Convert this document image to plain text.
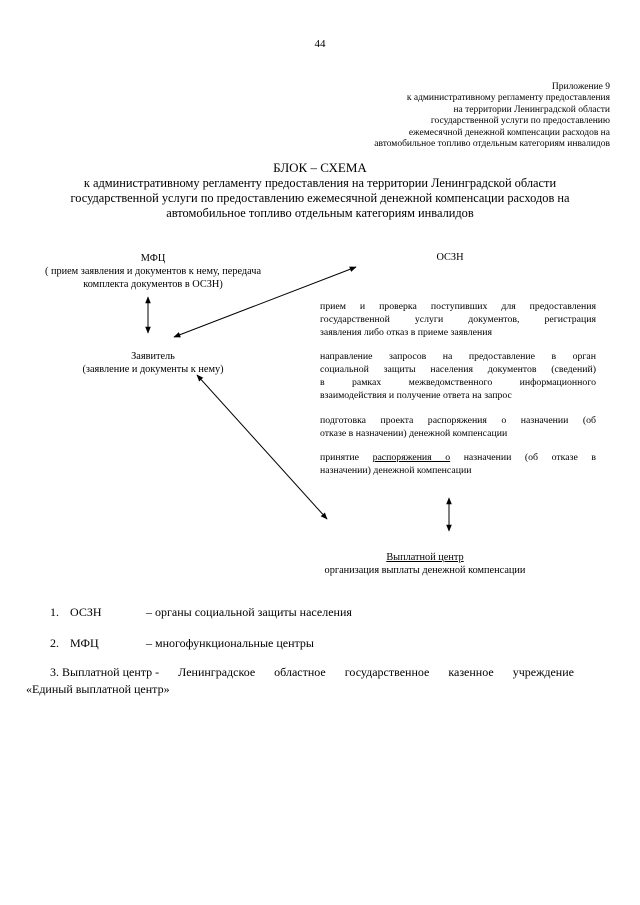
44
Приложение 9
к административному регламенту предоставления
на территории Ленинградской области
государственной услуги по предоставлению
ежемесячной денежной компенсации расходов на
автомобильное топливо отдельным категориям инвалидов
БЛОК – СХЕМА
к административному регламенту предоставления на территории Ленинградской области государственной услуги по предоставлению ежемесячной денежной компенсации расходов на автомобильное топливо отдельным категориям инвалидов
МФЦ
( прием заявления и документов к нему, передача
комплекта документов в ОСЗН)
ОСЗН
Заявитель
(заявление и документы к нему)
прием и проверка поступивших для предоставления
государственной услуги документов, регистрация
заявления либо отказ в приеме заявления
направление запросов на предоставление в орган
социальной защиты населения документов (сведений)
в рамках межведомственного информационного
взаимодействия и получение ответа на запрос
подготовка проекта распоряжения о назначении (об
отказе в назначении) денежной компенсации
принятие распоряжения о назначении (об отказе в
назначении) денежной компенсации
Выплатной центр
организация выплаты денежной компенсации
1. ОСЗН	– органы социальной защиты населения
2. МФЦ	– многофункциональные центры
3. Выплатной центр - Ленинградское областное государственное казенное учреждение
«Единый выплатной центр»
